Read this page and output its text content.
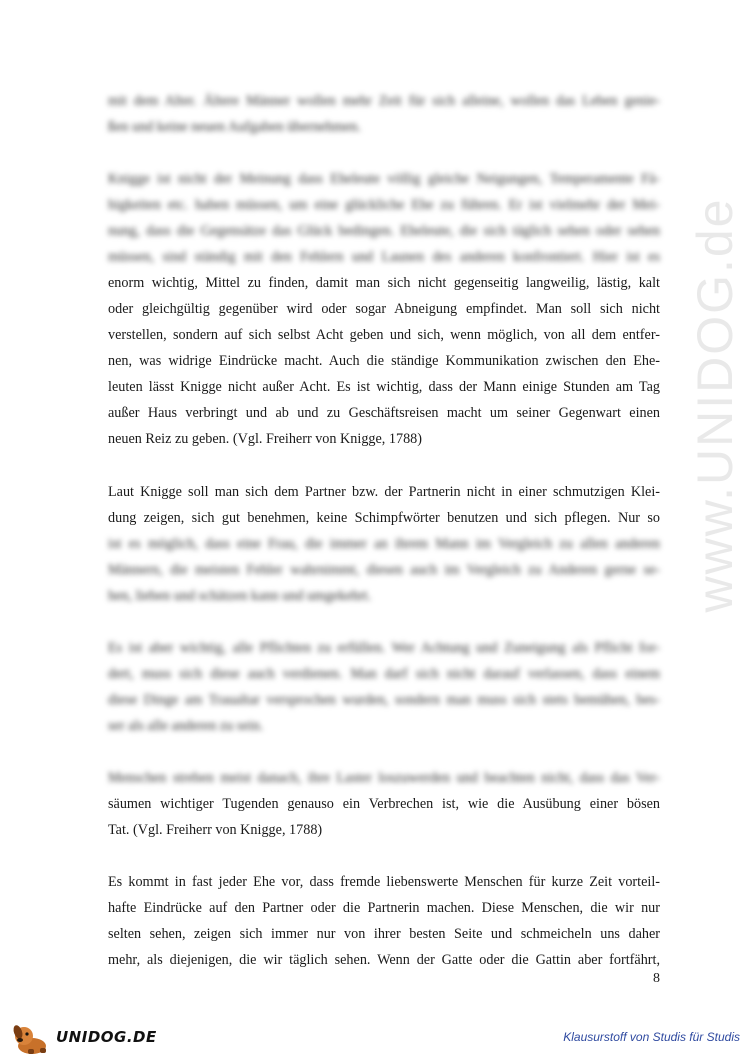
www.UNIDOG.de
mit dem Alter. Ältere Männer wollen mehr Zeit für sich alleine, wollen das Leben genie-
ßen und keine neuen Aufgaben übernehmen.
Knigge ist nicht der Meinung dass Eheleute völlig gleiche Neigungen, Temperamente Fä-
higkeiten etc. haben müssen, um eine glückliche Ehe zu führen. Er ist vielmehr der Mei-
nung, dass die Gegensätze das Glück bedingen. Eheleute, die sich täglich sehen oder sehen
müssen, sind ständig mit den Fehlern und Launen des anderen konfrontiert. Hier ist es
enorm wichtig, Mittel zu finden, damit man sich nicht gegenseitig langweilig, lästig, kalt
oder gleichgültig gegenüber wird oder sogar Abneigung empfindet. Man soll sich nicht
verstellen, sondern auf sich selbst Acht geben und sich, wenn möglich, von all dem entfer-
nen, was widrige Eindrücke macht. Auch die ständige Kommunikation zwischen den Ehe-
leuten lässt Knigge nicht außer Acht. Es ist wichtig, dass der Mann einige Stunden am Tag
außer Haus verbringt und ab und zu Geschäftsreisen macht um seiner Gegenwart einen
neuen Reiz zu geben. (Vgl. Freiherr von Knigge, 1788)
Laut Knigge soll man sich dem Partner bzw. der Partnerin nicht in einer schmutzigen Klei-
dung zeigen, sich gut benehmen, keine Schimpfwörter benutzen und sich pflegen. Nur so
ist es möglich, dass eine Frau, die immer an ihrem Mann im Vergleich zu allen anderen
Männern, die meisten Fehler wahrnimmt, diesen auch im Vergleich zu Anderen gerne se-
hen, lieben und schätzen kann und umgekehrt.
Es ist aber wichtig, alle Pflichten zu erfüllen. Wer Achtung und Zuneigung als Pflicht for-
dert, muss sich diese auch verdienen. Man darf sich nicht darauf verlassen, dass einem
diese Dinge am Traualtar versprochen wurden, sondern man muss sich stets bemühen, bes-
ser als alle anderen zu sein.
Menschen streben meist danach, ihre Laster loszuwerden und beachten nicht, dass das Ver-
säumen wichtiger Tugenden genauso ein Verbrechen ist, wie die Ausübung einer bösen
Tat. (Vgl. Freiherr von Knigge, 1788)
Es kommt in fast jeder Ehe vor, dass fremde liebenswerte Menschen für kurze Zeit vorteil-
hafte Eindrücke auf den Partner oder die Partnerin machen. Diese Menschen, die wir nur
selten sehen, zeigen sich immer nur von ihrer besten Seite und schmeicheln uns daher
mehr, als diejenigen, die wir täglich sehen. Wenn der Gatte oder die Gattin aber fortfährt,
8
UNIDOG.DE	Klausurstoff von Studis für Studis
